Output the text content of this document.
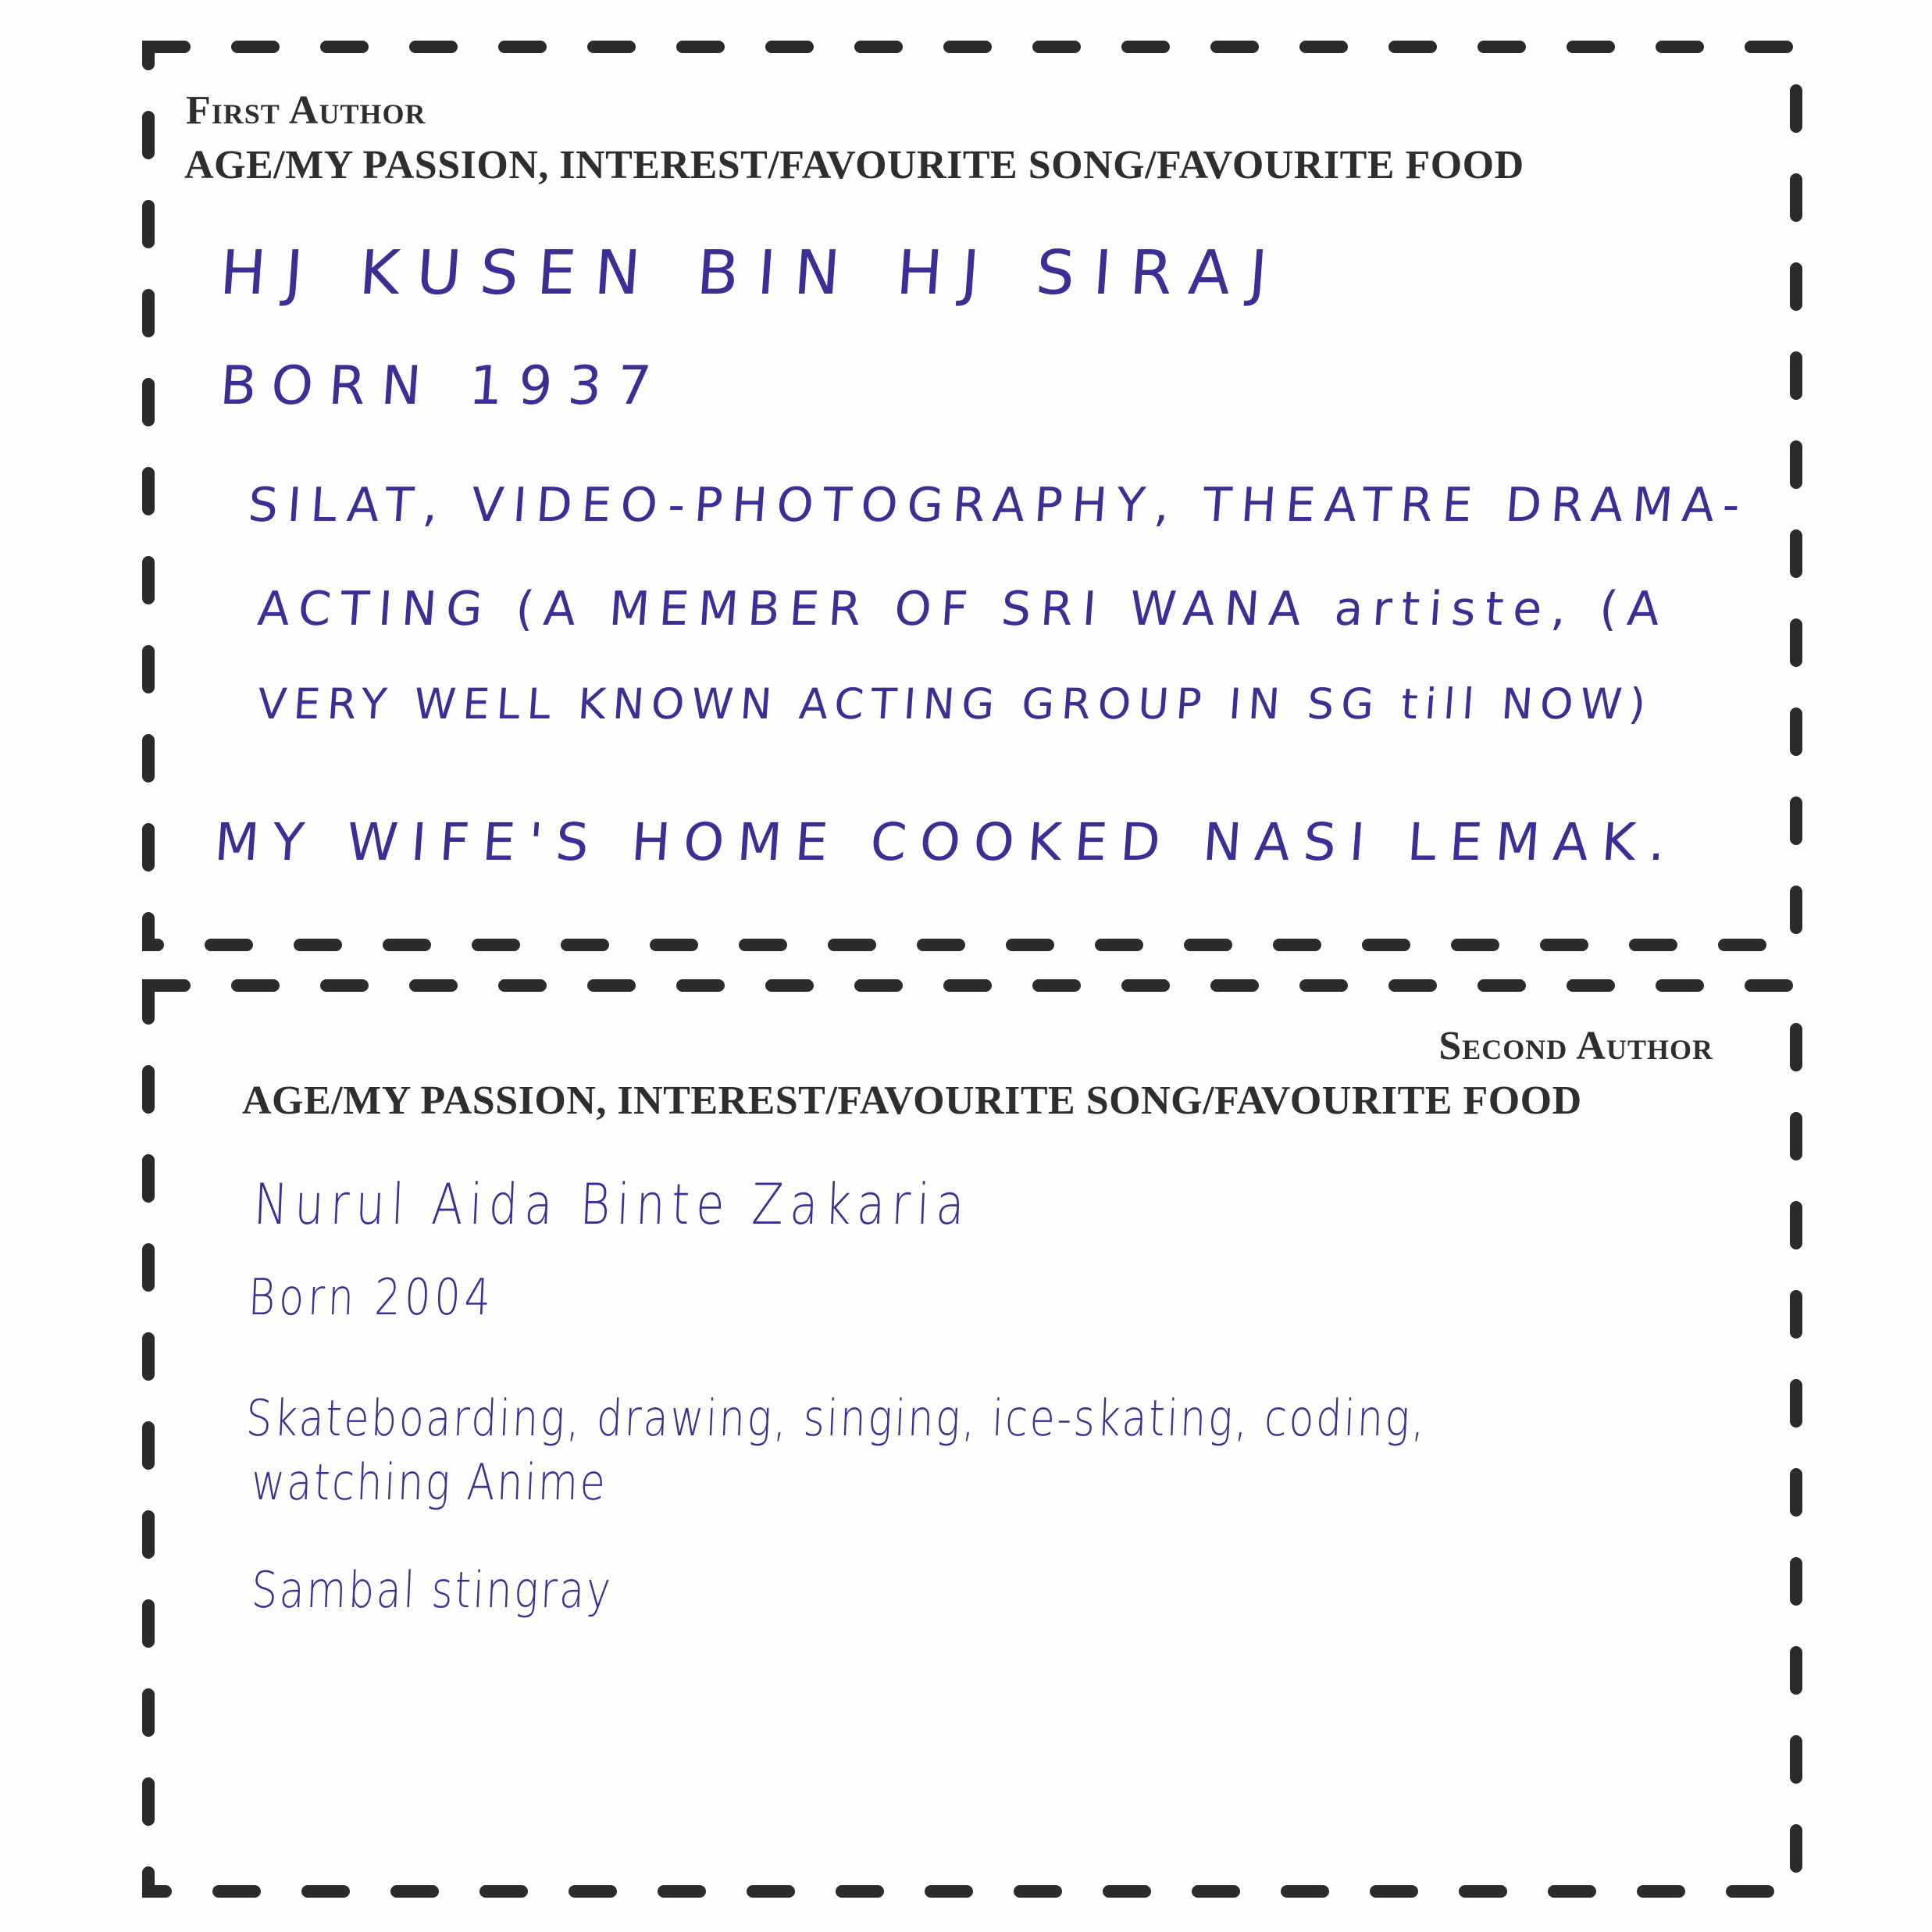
First Author
AGE/MY PASSION, INTEREST/FAVOURITE SONG/FAVOURITE FOOD

HJ KUSEN BIN HJ SIRAJ

BORN 1937

SILAT, VIDEO-PHOTOGRAPHY, THEATRE DRAMA-

ACTING (A MEMBER OF SRI WANA artiste, (A

VERY WELL KNOWN ACTING GROUP IN SG till NOW)

MY WIFE'S HOME COOKED NASI LEMAK.

Second Author
AGE/MY PASSION, INTEREST/FAVOURITE SONG/FAVOURITE FOOD

Nurul Aida Binte Zakaria

Born 2004

Skateboarding, drawing, singing, ice-skating, coding,

watching Anime

Sambal stingray
